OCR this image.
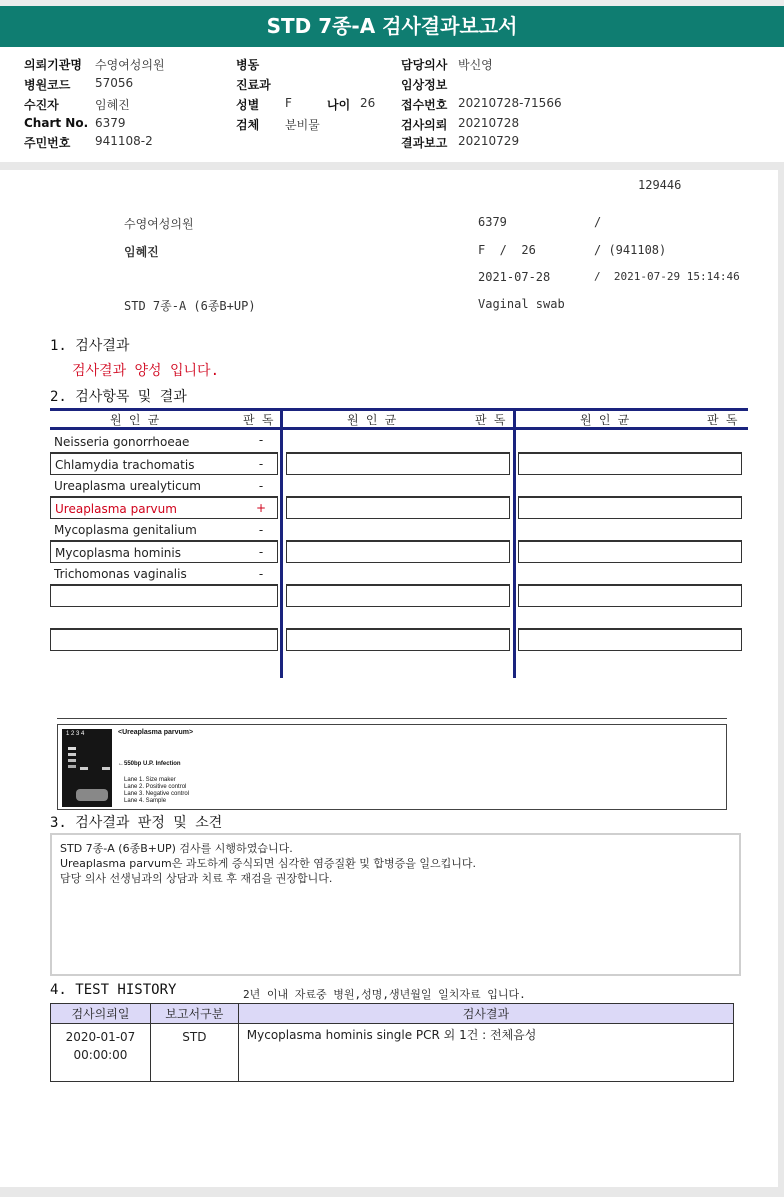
STD 7종-A 검사결과보고서
의뢰기관명 수영여성의원
병원코드 57056
수진자	임혜진
Chart No. 6379
주민번호 941108-2
병동
진료과
성별 F	나이 26
검체 분비물
담당의사 박신영
임상정보
접수번호 20210728-71566
검사의뢰 20210728
결과보고 20210729
129446
수영여성의원	6379	/
임혜진	F  /  26	/ (941108)
2021-07-28	/  2021-07-29 15:14:46
STD 7종-A (6종B+UP)	Vaginal swab
1. 검사결과
검사결과 양성 입니다.
2. 검사항목 및 결과
원 인 균	판 독	원 인 균	판 독	원 인 균	판 독
Neisseria gonorrhoeae	-
Chlamydia trachomatis	-
Ureaplasma urealyticum	-
Ureaplasma parvum	+
Mycoplasma genitalium	-
Mycoplasma hominis	-
Trichomonas vaginalis	-
1 2 3 4	<Ureaplasma parvum>
←550bp U.P. Infection
Lane 1. Size maker
Lane 2. Positive control
Lane 3. Negative control
Lane 4. Sample
3. 검사결과 판정 및 소견
STD 7종-A (6종B+UP) 검사를 시행하였습니다.
Ureaplasma parvum은 과도하게 증식되면 심각한 염증질환 및 합병증을 일으킵니다.
담당 의사 선생님과의 상담과 치료 후 재검을 권장합니다.
4. TEST HISTORY	2년 이내 자료중 병원,성명,생년월일 일치자료 입니다.
검사의뢰일	보고서구분	검사결과

2020-01-07
00:00:00	STD	Mycoplasma hominis single PCR 외 1건 : 전체음성
